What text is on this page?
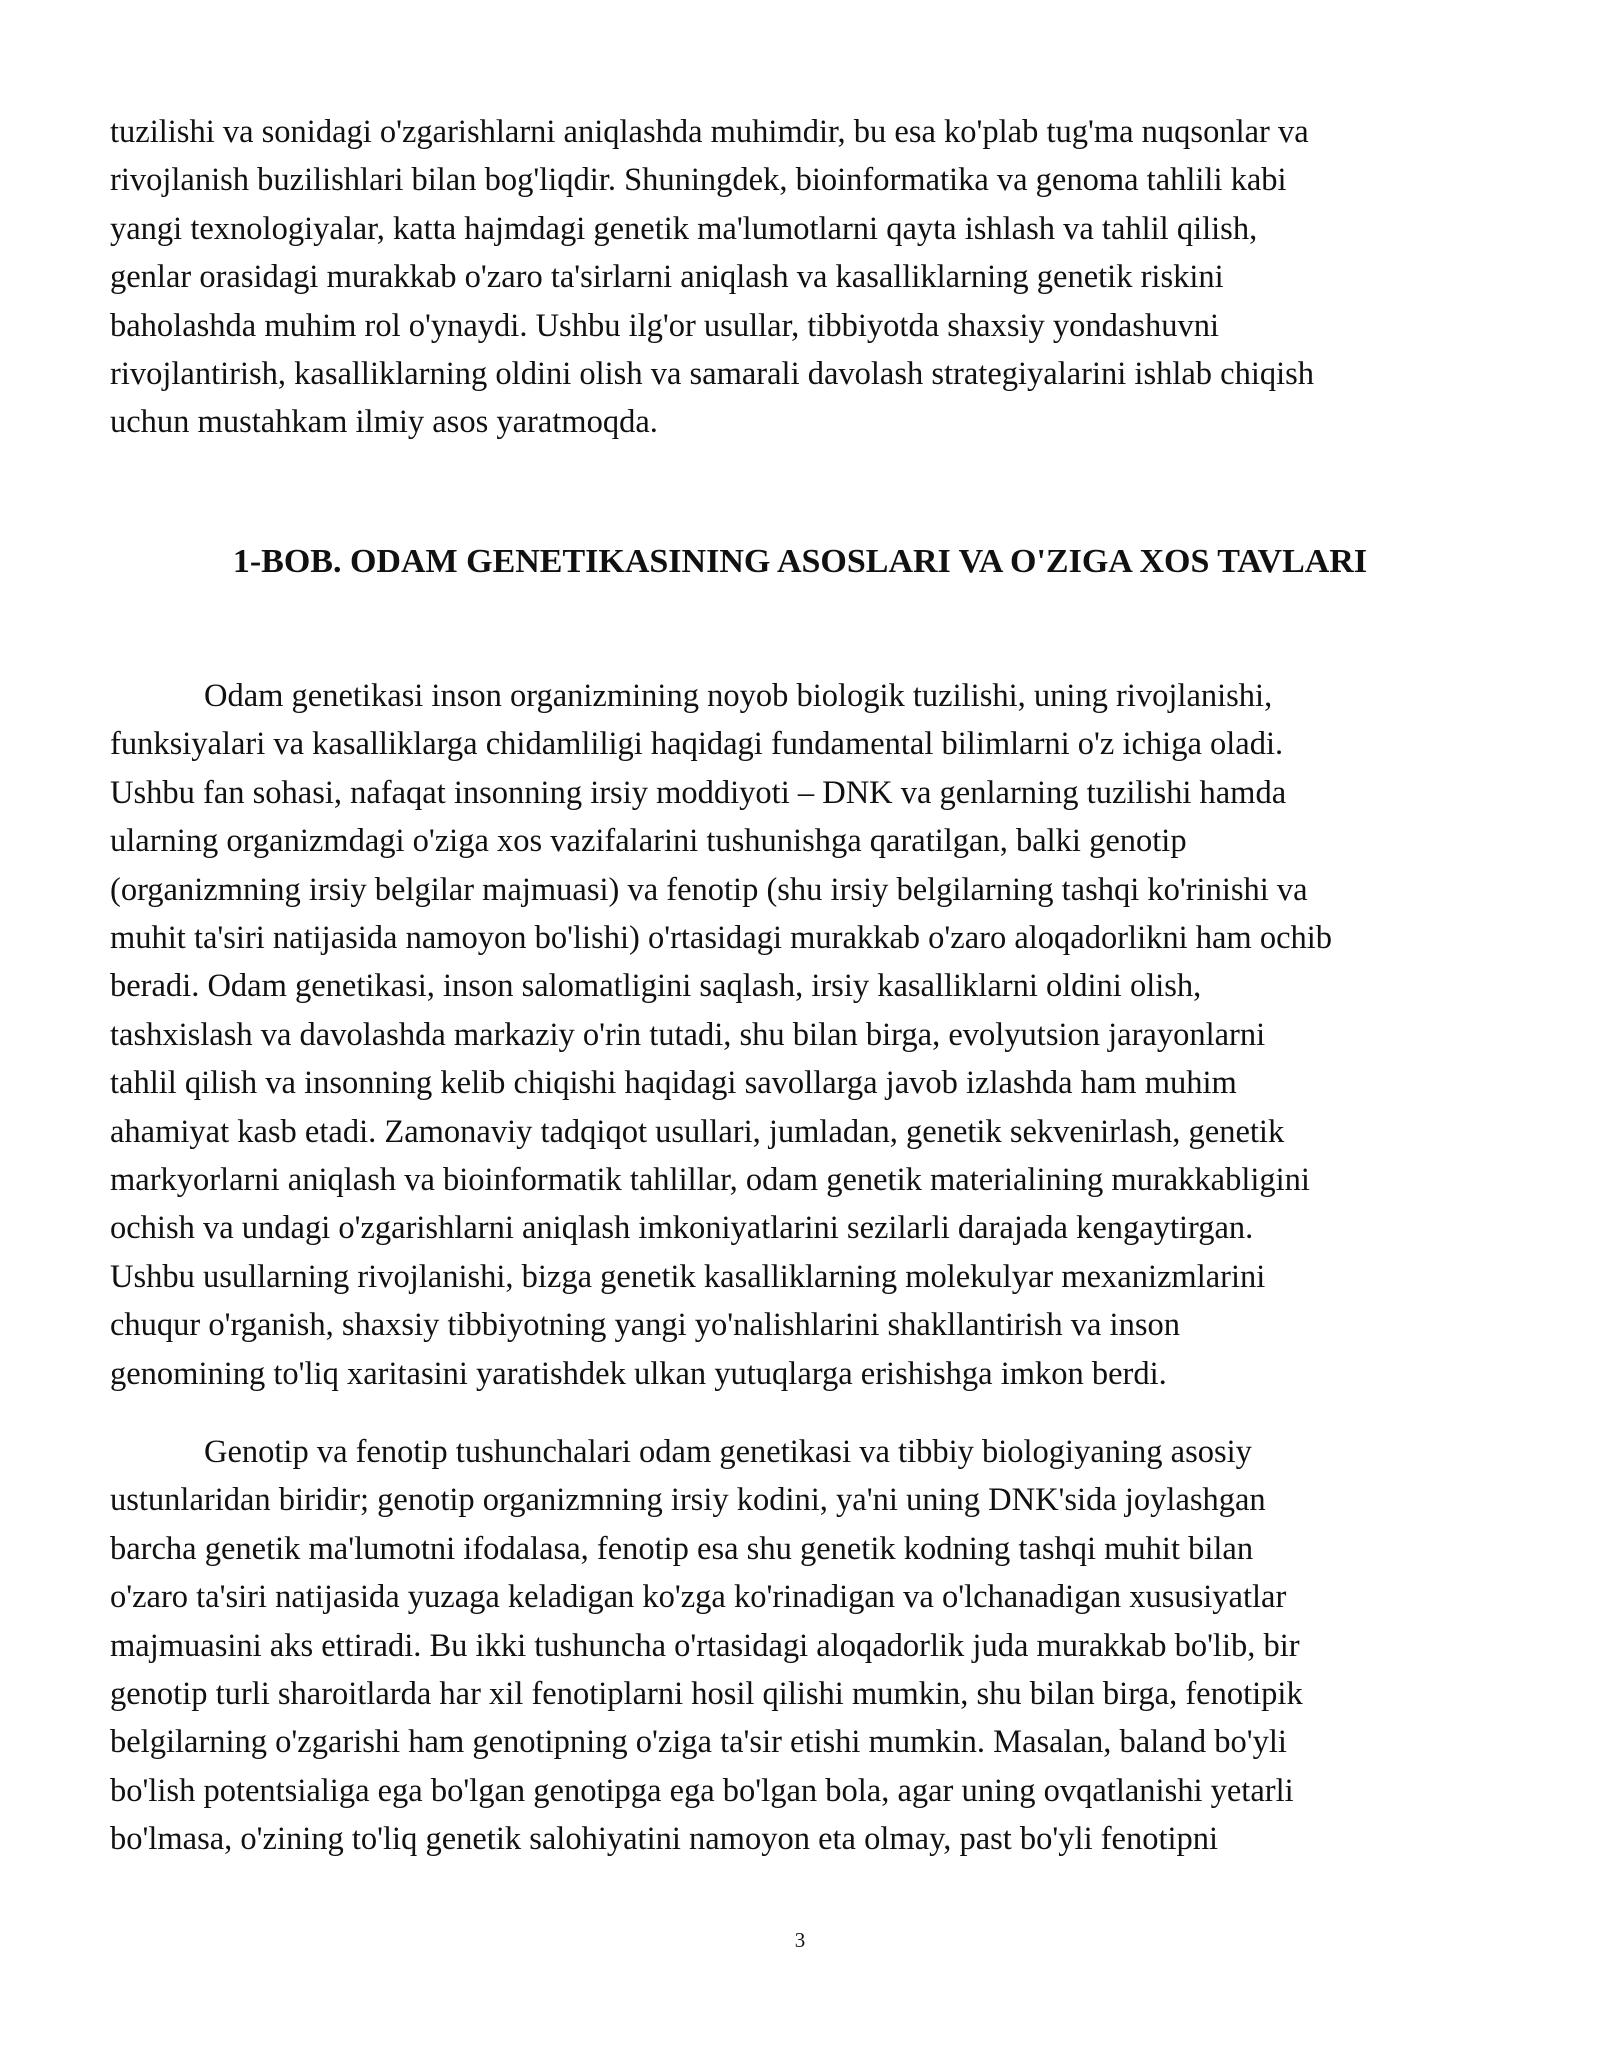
tuzilishi va sonidagi o'zgarishlarni aniqlashda muhimdir, bu esa ko'plab tug'ma nuqsonlar va
rivojlanish buzilishlari bilan bog'liqdir. Shuningdek, bioinformatika va genoma tahlili kabi
yangi texnologiyalar, katta hajmdagi genetik ma'lumotlarni qayta ishlash va tahlil qilish,
genlar orasidagi murakkab o'zaro ta'sirlarni aniqlash va kasalliklarning genetik riskini
baholashda muhim rol o'ynaydi. Ushbu ilg'or usullar, tibbiyotda shaxsiy yondashuvni
rivojlantirish, kasalliklarning oldini olish va samarali davolash strategiyalarini ishlab chiqish
uchun mustahkam ilmiy asos yaratmoqda.

1-BOB. ODAM GENETIKASINING ASOSLARI VA O'ZIGA XOS TAVLARI

Odam genetikasi inson organizmining noyob biologik tuzilishi, uning rivojlanishi,
funksiyalari va kasalliklarga chidamliligi haqidagi fundamental bilimlarni o'z ichiga oladi.
Ushbu fan sohasi, nafaqat insonning irsiy moddiyoti – DNK va genlarning tuzilishi hamda
ularning organizmdagi o'ziga xos vazifalarini tushunishga qaratilgan, balki genotip
(organizmning irsiy belgilar majmuasi) va fenotip (shu irsiy belgilarning tashqi ko'rinishi va
muhit ta'siri natijasida namoyon bo'lishi) o'rtasidagi murakkab o'zaro aloqadorlikni ham ochib
beradi. Odam genetikasi, inson salomatligini saqlash, irsiy kasalliklarni oldini olish,
tashxislash va davolashda markaziy o'rin tutadi, shu bilan birga, evolyutsion jarayonlarni
tahlil qilish va insonning kelib chiqishi haqidagi savollarga javob izlashda ham muhim
ahamiyat kasb etadi. Zamonaviy tadqiqot usullari, jumladan, genetik sekvenirlash, genetik
markyorlarni aniqlash va bioinformatik tahlillar, odam genetik materialining murakkabligini
ochish va undagi o'zgarishlarni aniqlash imkoniyatlarini sezilarli darajada kengaytirgan.
Ushbu usullarning rivojlanishi, bizga genetik kasalliklarning molekulyar mexanizmlarini
chuqur o'rganish, shaxsiy tibbiyotning yangi yo'nalishlarini shakllantirish va inson
genomining to'liq xaritasini yaratishdek ulkan yutuqlarga erishishga imkon berdi.

Genotip va fenotip tushunchalari odam genetikasi va tibbiy biologiyaning asosiy
ustunlaridan biridir; genotip organizmning irsiy kodini, ya'ni uning DNK'sida joylashgan
barcha genetik ma'lumotni ifodalasa, fenotip esa shu genetik kodning tashqi muhit bilan
o'zaro ta'siri natijasida yuzaga keladigan ko'zga ko'rinadigan va o'lchanadigan xususiyatlar
majmuasini aks ettiradi. Bu ikki tushuncha o'rtasidagi aloqadorlik juda murakkab bo'lib, bir
genotip turli sharoitlarda har xil fenotiplarni hosil qilishi mumkin, shu bilan birga, fenotipik
belgilarning o'zgarishi ham genotipning o'ziga ta'sir etishi mumkin. Masalan, baland bo'yli
bo'lish potentsialiga ega bo'lgan genotipga ega bo'lgan bola, agar uning ovqatlanishi yetarli
bo'lmasa, o'zining to'liq genetik salohiyatini namoyon eta olmay, past bo'yli fenotipni

3
